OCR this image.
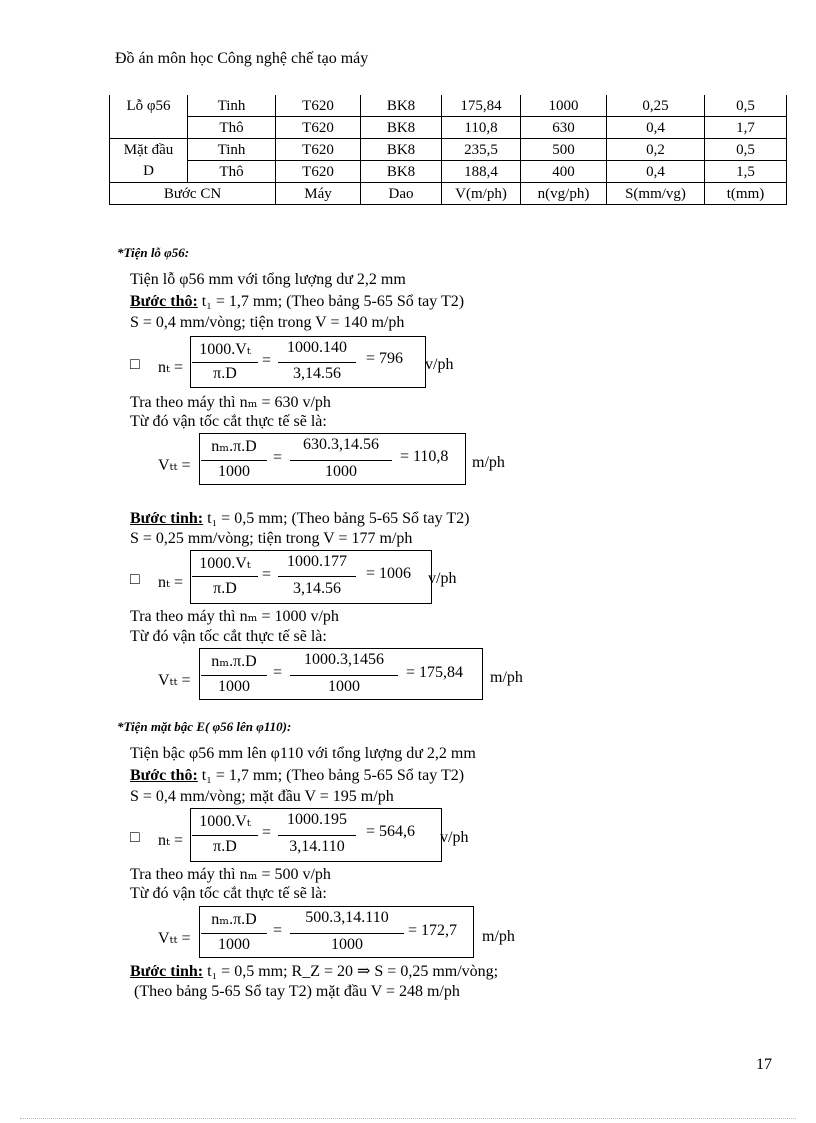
Đồ án môn học Công nghệ chế tạo máy
Lỗ φ56	Tinh	T620	BK8	175,84	1000	0,25	0,5
	Thô	T620	BK8	110,8	630	0,4	1,7
Mặt đầu	Tinh	T620	BK8	235,5	500	0,2	0,5
D	Thô	T620	BK8	188,4	400	0,4	1,5
Bước CN		Máy	Dao	V(m/ph)	n(vg/ph)	S(mm/vg)	t(mm)
*Tiện lỗ φ56:
Tiện lỗ φ56 mm với tổng lượng dư 2,2 mm
Bước thô: t₁ = 1,7 mm; (Theo bảng 5-65 Sổ tay T2)
S = 0,4 mm/vòng; tiện trong V = 140 m/ph
□ nₜ =
1000.Vₜ
π.D
=
1000.140
3,14.56
= 796 v/ph
Tra theo máy thì nₘ = 630 v/ph
Từ đó vận tốc cắt thực tế sẽ là:
Vₜₜ =
nₘ.π.D
1000
=
630.3,14.56
1000
= 110,8 m/ph
Bước tinh: t₁ = 0,5 mm; (Theo bảng 5-65 Sổ tay T2)
S = 0,25 mm/vòng; tiện trong V = 177 m/ph
□ nₜ =
1000.Vₜ
π.D
=
1000.177
3,14.56
= 1006 v/ph
Tra theo máy thì nₘ = 1000 v/ph
Từ đó vận tốc cắt thực tế sẽ là:
Vₜₜ =
nₘ.π.D
1000
=
1000.3,1456
1000
= 175,84 m/ph
*Tiện mặt bậc E( φ56 lên φ110):
Tiện bậc φ56 mm lên φ110 với tổng lượng dư 2,2 mm
Bước thô: t₁ = 1,7 mm; (Theo bảng 5-65 Sổ tay T2)
S = 0,4 mm/vòng; mặt đầu V = 195 m/ph
□ nₜ =
1000.Vₜ
π.D
=
1000.195
3,14.110
= 564,6 v/ph
Tra theo máy thì nₘ = 500 v/ph
Từ đó vận tốc cắt thực tế sẽ là:
Vₜₜ =
nₘ.π.D
1000
=
500.3,14.110
1000
= 172,7 m/ph
Bước tinh: t₁ = 0,5 mm; R_Z = 20 ⇒ S = 0,25 mm/vòng;
(Theo bảng 5-65 Sổ tay T2) mặt đầu V = 248 m/ph
17
